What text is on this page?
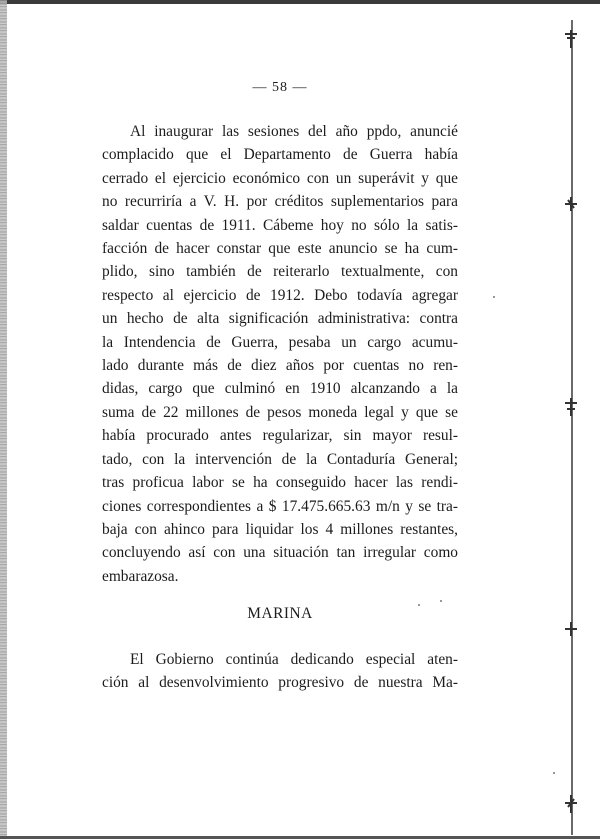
— 58 —
Al inaugurar las sesiones del año ppdo, anuncié
complacido que el Departamento de Guerra había
cerrado el ejercicio económico con un superávit y que
no recurriría a V. H. por créditos suplementarios para
saldar cuentas de 1911. Cábeme hoy no sólo la satis-
facción de hacer constar que este anuncio se ha cum-
plido, sino también de reiterarlo textualmente, con
respecto al ejercicio de 1912. Debo todavía agregar
un hecho de alta significación administrativa: contra
la Intendencia de Guerra, pesaba un cargo acumu-
lado durante más de diez años por cuentas no ren-
didas, cargo que culminó en 1910 alcanzando a la
suma de 22 millones de pesos moneda legal y que se
había procurado antes regularizar, sin mayor resul-
tado, con la intervención de la Contaduría General;
tras proficua labor se ha conseguido hacer las rendi-
ciones correspondientes a $ 17.475.665.63 m/n y se tra-
baja con ahinco para liquidar los 4 millones restantes,
concluyendo así con una situación tan irregular como
embarazosa.
MARINA
El Gobierno continúa dedicando especial aten-
ción al desenvolvimiento progresivo de nuestra Ma-
